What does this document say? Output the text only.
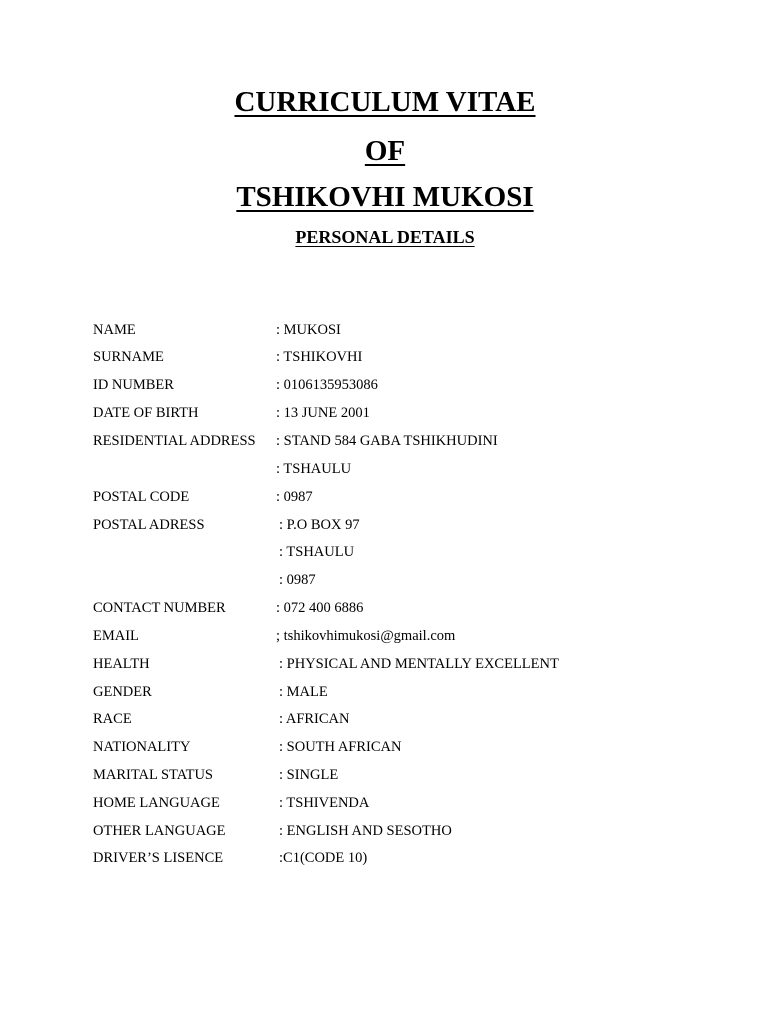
CURRICULUM VITAE
OF
TSHIKOVHI MUKOSI
PERSONAL DETAILS
NAME	: MUKOSI
SURNAME	: TSHIKOVHI
ID NUMBER	: 0106135953086
DATE OF BIRTH	: 13 JUNE 2001
RESIDENTIAL ADDRESS : STAND 584 GABA TSHIKHUDINI
: TSHAULU
POSTAL CODE	: 0987
POSTAL ADRESS	: P.O BOX 97
: TSHAULU
: 0987
CONTACT NUMBER	: 072 400 6886
EMAIL	; tshikovhimukosi@gmail.com
HEALTH	: PHYSICAL AND MENTALLY EXCELLENT
GENDER	: MALE
RACE	: AFRICAN
NATIONALITY	: SOUTH AFRICAN
MARITAL STATUS	: SINGLE
HOME LANGUAGE	: TSHIVENDA
OTHER LANGUAGE	: ENGLISH AND SESOTHO
DRIVER’S LISENCE	:C1(CODE 10)
